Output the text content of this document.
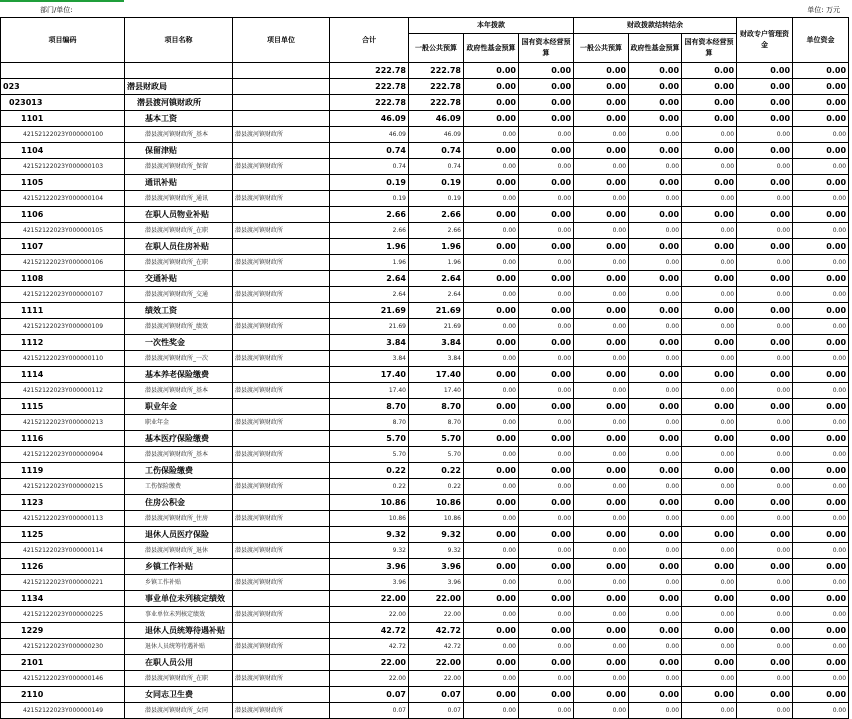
部门/单位:	单位: 万元
项目编码	项目名称	项目单位	合计	本年拨款			财政拨款结转结余			财政专户管理资金	单位资金
				一般公共预算	政府性基金预算	国有资本经营预算	一般公共预算	政府性基金预算	国有资本经营预算		
			222.78	222.78	0.00	0.00	0.00	0.00	0.00	0.00	0.00
023	潜县财政局		222.78	222.78	0.00	0.00	0.00	0.00	0.00	0.00	0.00
023013	潜县渡河镇财政所		222.78	222.78	0.00	0.00	0.00	0.00	0.00	0.00	0.00
1101	基本工资		46.09	46.09	0.00	0.00	0.00	0.00	0.00	0.00	0.00
42152122023Y000000100	潜县渡河镇财政所_基本	潜县渡河镇财政所	46.09	46.09	0.00	0.00	0.00	0.00	0.00	0.00	0.00
1104	保留津贴		0.74	0.74	0.00	0.00	0.00	0.00	0.00	0.00	0.00
42152122023Y000000103	潜县渡河镇财政所_保留	潜县渡河镇财政所	0.74	0.74	0.00	0.00	0.00	0.00	0.00	0.00	0.00
1105	通讯补贴		0.19	0.19	0.00	0.00	0.00	0.00	0.00	0.00	0.00
42152122023Y000000104	潜县渡河镇财政所_通讯	潜县渡河镇财政所	0.19	0.19	0.00	0.00	0.00	0.00	0.00	0.00	0.00
1106	在职人员物业补贴		2.66	2.66	0.00	0.00	0.00	0.00	0.00	0.00	0.00
42152122023Y000000105	潜县渡河镇财政所_在职	潜县渡河镇财政所	2.66	2.66	0.00	0.00	0.00	0.00	0.00	0.00	0.00
1107	在职人员住房补贴		1.96	1.96	0.00	0.00	0.00	0.00	0.00	0.00	0.00
42152122023Y000000106	潜县渡河镇财政所_在职	潜县渡河镇财政所	1.96	1.96	0.00	0.00	0.00	0.00	0.00	0.00	0.00
1108	交通补贴		2.64	2.64	0.00	0.00	0.00	0.00	0.00	0.00	0.00
42152122023Y000000107	潜县渡河镇财政所_交通	潜县渡河镇财政所	2.64	2.64	0.00	0.00	0.00	0.00	0.00	0.00	0.00
1111	绩效工资		21.69	21.69	0.00	0.00	0.00	0.00	0.00	0.00	0.00
42152122023Y000000109	潜县渡河镇财政所_绩效	潜县渡河镇财政所	21.69	21.69	0.00	0.00	0.00	0.00	0.00	0.00	0.00
1112	一次性奖金		3.84	3.84	0.00	0.00	0.00	0.00	0.00	0.00	0.00
42152122023Y000000110	潜县渡河镇财政所_一次	潜县渡河镇财政所	3.84	3.84	0.00	0.00	0.00	0.00	0.00	0.00	0.00
1114	基本养老保险缴费		17.40	17.40	0.00	0.00	0.00	0.00	0.00	0.00	0.00
42152122023Y000000112	潜县渡河镇财政所_基本	潜县渡河镇财政所	17.40	17.40	0.00	0.00	0.00	0.00	0.00	0.00	0.00
1115	职业年金		8.70	8.70	0.00	0.00	0.00	0.00	0.00	0.00	0.00
42152122023Y000000213	职业年金	潜县渡河镇财政所	8.70	8.70	0.00	0.00	0.00	0.00	0.00	0.00	0.00
1116	基本医疗保险缴费		5.70	5.70	0.00	0.00	0.00	0.00	0.00	0.00	0.00
42152122023Y000000904	潜县渡河镇财政所_基本	潜县渡河镇财政所	5.70	5.70	0.00	0.00	0.00	0.00	0.00	0.00	0.00
1119	工伤保险缴费		0.22	0.22	0.00	0.00	0.00	0.00	0.00	0.00	0.00
42152122023Y000000215	工伤保险缴费	潜县渡河镇财政所	0.22	0.22	0.00	0.00	0.00	0.00	0.00	0.00	0.00
1123	住房公积金		10.86	10.86	0.00	0.00	0.00	0.00	0.00	0.00	0.00
42152122023Y000000113	潜县渡河镇财政所_住房	潜县渡河镇财政所	10.86	10.86	0.00	0.00	0.00	0.00	0.00	0.00	0.00
1125	退休人员医疗保险		9.32	9.32	0.00	0.00	0.00	0.00	0.00	0.00	0.00
42152122023Y000000114	潜县渡河镇财政所_退休	潜县渡河镇财政所	9.32	9.32	0.00	0.00	0.00	0.00	0.00	0.00	0.00
1126	乡镇工作补贴		3.96	3.96	0.00	0.00	0.00	0.00	0.00	0.00	0.00
42152122023Y000000221	乡镇工作补贴	潜县渡河镇财政所	3.96	3.96	0.00	0.00	0.00	0.00	0.00	0.00	0.00
1134	事业单位未列核定绩效		22.00	22.00	0.00	0.00	0.00	0.00	0.00	0.00	0.00
42152122023Y000000225	事业单位未列核定绩效	潜县渡河镇财政所	22.00	22.00	0.00	0.00	0.00	0.00	0.00	0.00	0.00
1229	退休人员统筹待遇补贴		42.72	42.72	0.00	0.00	0.00	0.00	0.00	0.00	0.00
42152122023Y000000230	退休人员统筹待遇补贴	潜县渡河镇财政所	42.72	42.72	0.00	0.00	0.00	0.00	0.00	0.00	0.00
2101	在职人员公用		22.00	22.00	0.00	0.00	0.00	0.00	0.00	0.00	0.00
42152122023Y000000146	潜县渡河镇财政所_在职	潜县渡河镇财政所	22.00	22.00	0.00	0.00	0.00	0.00	0.00	0.00	0.00
2110	女同志卫生费		0.07	0.07	0.00	0.00	0.00	0.00	0.00	0.00	0.00
42152122023Y000000149	潜县渡河镇财政所_女同	潜县渡河镇财政所	0.07	0.07	0.00	0.00	0.00	0.00	0.00	0.00	0.00
